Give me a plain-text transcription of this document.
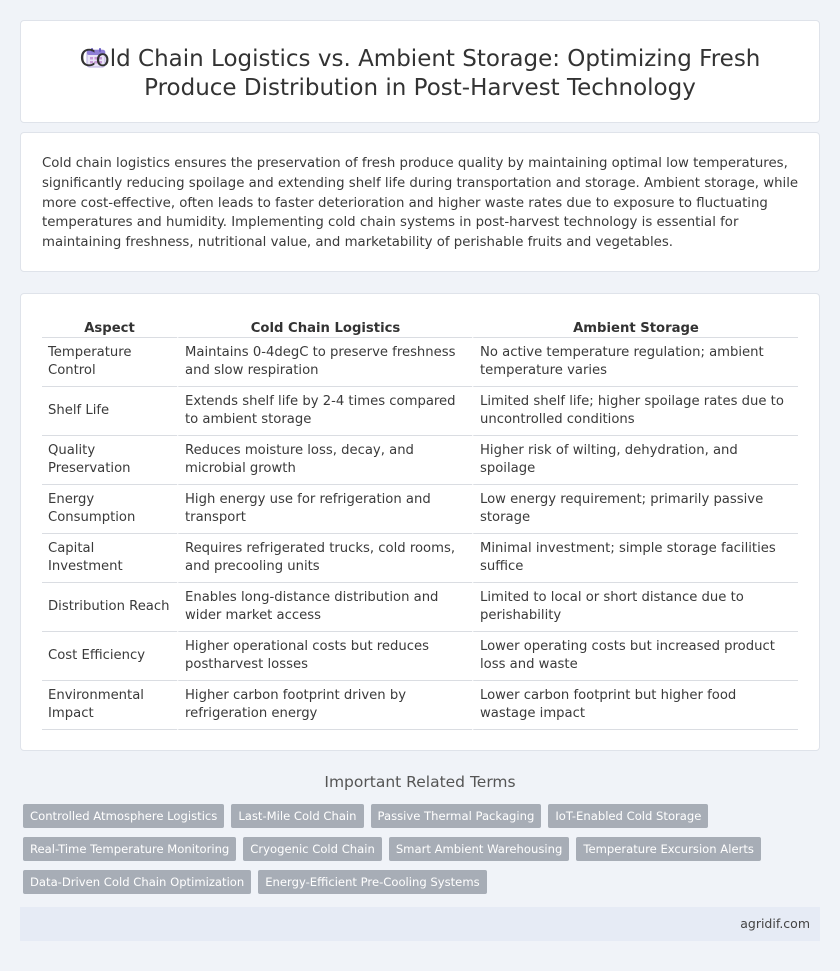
Cold Chain Logistics vs. Ambient Storage: Optimizing Fresh
Produce Distribution in Post-Harvest Technology

Cold chain logistics ensures the preservation of fresh produce quality by maintaining optimal low temperatures, significantly reducing spoilage and extending shelf life during transportation and storage. Ambient storage, while more cost-effective, often leads to faster deterioration and higher waste rates due to exposure to fluctuating temperatures and humidity. Implementing cold chain systems in post-harvest technology is essential for maintaining freshness, nutritional value, and marketability of perishable fruits and vegetables.

Aspect	Cold Chain Logistics	Ambient Storage
Temperature Control	Maintains 0-4degC to preserve freshness and slow respiration	No active temperature regulation; ambient temperature varies
Shelf Life	Extends shelf life by 2-4 times compared to ambient storage	Limited shelf life; higher spoilage rates due to uncontrolled conditions
Quality Preservation	Reduces moisture loss, decay, and microbial growth	Higher risk of wilting, dehydration, and spoilage
Energy Consumption	High energy use for refrigeration and transport	Low energy requirement; primarily passive storage
Capital Investment	Requires refrigerated trucks, cold rooms, and precooling units	Minimal investment; simple storage facilities suffice
Distribution Reach	Enables long-distance distribution and wider market access	Limited to local or short distance due to perishability
Cost Efficiency	Higher operational costs but reduces postharvest losses	Lower operating costs but increased product loss and waste
Environmental Impact	Higher carbon footprint driven by refrigeration energy	Lower carbon footprint but higher food wastage impact
Important Related Terms
Controlled Atmosphere Logistics	Last-Mile Cold Chain	Passive Thermal Packaging	IoT-Enabled Cold Storage
Real-Time Temperature Monitoring	Cryogenic Cold Chain	Smart Ambient Warehousing	Temperature Excursion Alerts
Data-Driven Cold Chain Optimization	Energy-Efficient Pre-Cooling Systems
agridif.com
